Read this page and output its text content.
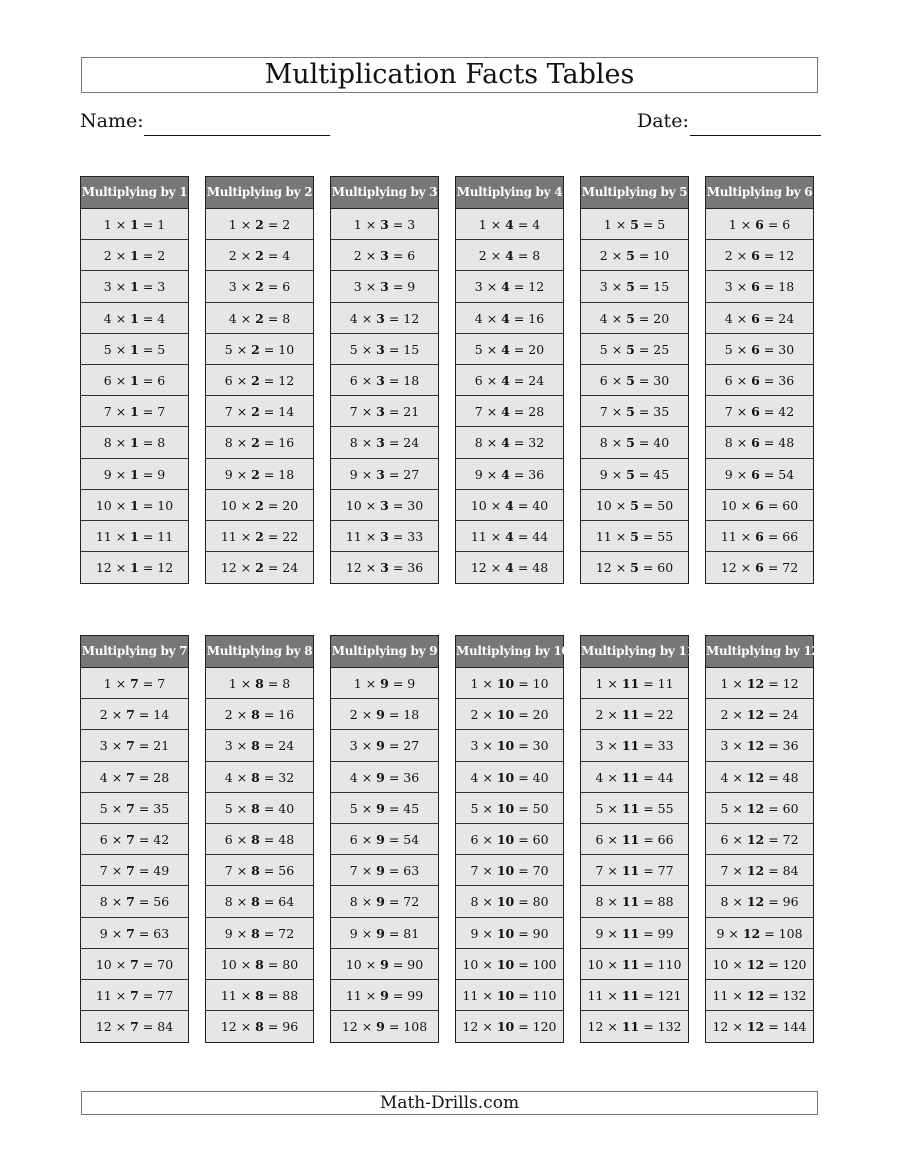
Multiplication Facts Tables
Name:	Date:
Multiplying by 1
1 × 1 = 1
2 × 1 = 2
3 × 1 = 3
4 × 1 = 4
5 × 1 = 5
6 × 1 = 6
7 × 1 = 7
8 × 1 = 8
9 × 1 = 9
10 × 1 = 10
11 × 1 = 11
12 × 1 = 12
Multiplying by 2
1 × 2 = 2
2 × 2 = 4
3 × 2 = 6
4 × 2 = 8
5 × 2 = 10
6 × 2 = 12
7 × 2 = 14
8 × 2 = 16
9 × 2 = 18
10 × 2 = 20
11 × 2 = 22
12 × 2 = 24
Multiplying by 3
1 × 3 = 3
2 × 3 = 6
3 × 3 = 9
4 × 3 = 12
5 × 3 = 15
6 × 3 = 18
7 × 3 = 21
8 × 3 = 24
9 × 3 = 27
10 × 3 = 30
11 × 3 = 33
12 × 3 = 36
Multiplying by 4
1 × 4 = 4
2 × 4 = 8
3 × 4 = 12
4 × 4 = 16
5 × 4 = 20
6 × 4 = 24
7 × 4 = 28
8 × 4 = 32
9 × 4 = 36
10 × 4 = 40
11 × 4 = 44
12 × 4 = 48
Multiplying by 5
1 × 5 = 5
2 × 5 = 10
3 × 5 = 15
4 × 5 = 20
5 × 5 = 25
6 × 5 = 30
7 × 5 = 35
8 × 5 = 40
9 × 5 = 45
10 × 5 = 50
11 × 5 = 55
12 × 5 = 60
Multiplying by 6
1 × 6 = 6
2 × 6 = 12
3 × 6 = 18
4 × 6 = 24
5 × 6 = 30
6 × 6 = 36
7 × 6 = 42
8 × 6 = 48
9 × 6 = 54
10 × 6 = 60
11 × 6 = 66
12 × 6 = 72
Multiplying by 7
1 × 7 = 7
2 × 7 = 14
3 × 7 = 21
4 × 7 = 28
5 × 7 = 35
6 × 7 = 42
7 × 7 = 49
8 × 7 = 56
9 × 7 = 63
10 × 7 = 70
11 × 7 = 77
12 × 7 = 84
Multiplying by 8
1 × 8 = 8
2 × 8 = 16
3 × 8 = 24
4 × 8 = 32
5 × 8 = 40
6 × 8 = 48
7 × 8 = 56
8 × 8 = 64
9 × 8 = 72
10 × 8 = 80
11 × 8 = 88
12 × 8 = 96
Multiplying by 9
1 × 9 = 9
2 × 9 = 18
3 × 9 = 27
4 × 9 = 36
5 × 9 = 45
6 × 9 = 54
7 × 9 = 63
8 × 9 = 72
9 × 9 = 81
10 × 9 = 90
11 × 9 = 99
12 × 9 = 108
Multiplying by 10
1 × 10 = 10
2 × 10 = 20
3 × 10 = 30
4 × 10 = 40
5 × 10 = 50
6 × 10 = 60
7 × 10 = 70
8 × 10 = 80
9 × 10 = 90
10 × 10 = 100
11 × 10 = 110
12 × 10 = 120
Multiplying by 11
1 × 11 = 11
2 × 11 = 22
3 × 11 = 33
4 × 11 = 44
5 × 11 = 55
6 × 11 = 66
7 × 11 = 77
8 × 11 = 88
9 × 11 = 99
10 × 11 = 110
11 × 11 = 121
12 × 11 = 132
Multiplying by 12
1 × 12 = 12
2 × 12 = 24
3 × 12 = 36
4 × 12 = 48
5 × 12 = 60
6 × 12 = 72
7 × 12 = 84
8 × 12 = 96
9 × 12 = 108
10 × 12 = 120
11 × 12 = 132
12 × 12 = 144
Math-Drills.com
